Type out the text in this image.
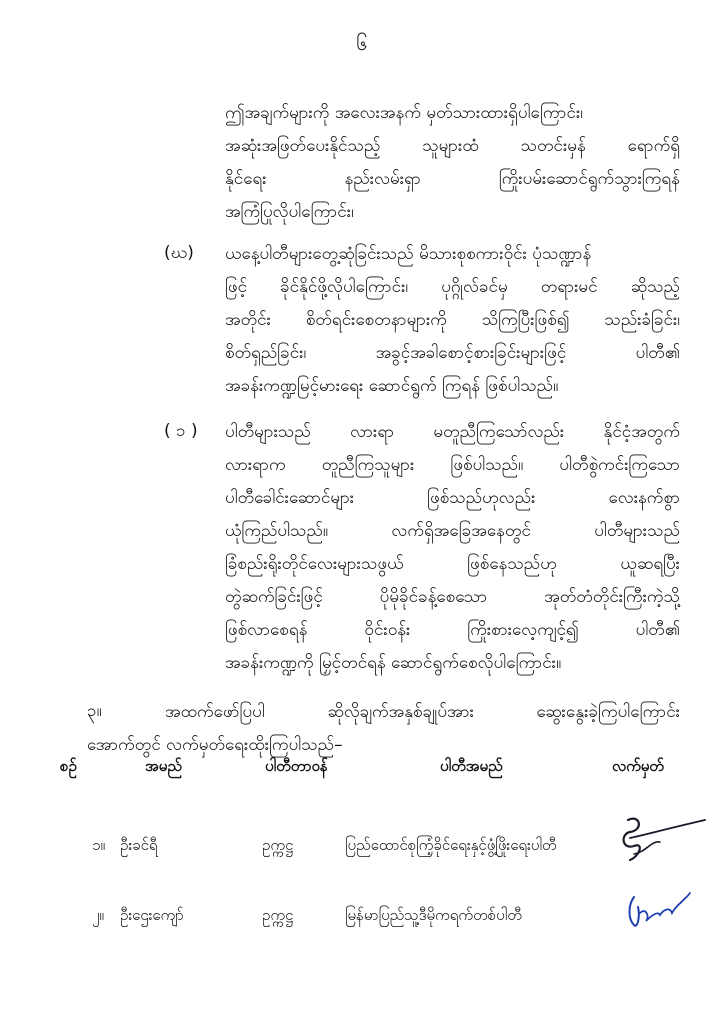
၆
ဤအချက်များကို အလေးအနက် မှတ်သားထားရှိပါကြောင်း၊
အဆုံးအဖြတ်ပေးနိုင်သည့် သူများထံ သတင်းမှန် ရောက်ရှိ
နိုင်ရေး နည်းလမ်းရှာ ကြိုးပမ်းဆောင်ရွက်သွားကြရန်
အကြံပြုလိုပါကြောင်း၊
(ဃ) ယနေ့ပါတီများတွေ့ဆုံခြင်းသည် မိသားစုစကားဝိုင်း ပုံသဏ္ဍာန်
ဖြင့် ခိုင်နိုင်ဖို့လိုပါကြောင်း၊ ပုဂ္ဂိုလ်ခင်မှ တရားမင် ဆိုသည့်
အတိုင်း စိတ်ရင်းစေတနာများကို သိကြပြီးဖြစ်၍ သည်းခံခြင်း၊
စိတ်ရှည်ခြင်း၊ အခွင့်အခါစောင့်စားခြင်းများဖြင့် ပါတီ၏
အခန်းကဏ္ဍမြင့်မားရေး ဆောင်ရွက် ကြရန် ဖြစ်ပါသည်။
( ၁ ) ပါတီများသည် လားရာ မတူညီကြသော်လည်း နိုင်ငံ့အတွက်
လားရာက တူညီကြသူများ ဖြစ်ပါသည်။ ပါတီစွဲကင်းကြသော
ပါတီခေါင်းဆောင်များ ဖြစ်သည်ဟုလည်း လေးနက်စွာ
ယုံကြည်ပါသည်။ လက်ရှိအခြေအနေတွင် ပါတီများသည်
ခြံစည်းရိုးတိုင်လေးများသဖွယ် ဖြစ်နေသည်ဟု ယူဆရပြီး
တွဲဆက်ခြင်းဖြင့် ပိုမိုခိုင်ခန့်စေသော အုတ်တံတိုင်းကြီးကဲ့သို့
ဖြစ်လာစေရန် ဝိုင်းဝန်း ကြိုးစားလေ့ကျင့်၍ ပါတီ၏
အခန်းကဏ္ဍကို မြှင့်တင်ရန် ဆောင်ရွက်စေလိုပါကြောင်း။
၃။	အထက်ဖော်ပြပါ ဆိုလိုချက်အနှစ်ချုပ်အား ဆွေးနွေးခဲ့ကြပါကြောင်း
အောက်တွင် လက်မှတ်ရေးထိုးကြပါသည်–
စဉ်	အမည်	ပါတီတာဝန်	ပါတီအမည်	လက်မှတ်
၁။ ဦးခင်ရီ	ဥက္ကဋ္ဌ	ပြည်ထောင်စုကြံ့ခိုင်ရေးနှင့်ဖွံ့ဖြိုးရေးပါတီ
၂။ ဦးဌေးကျော်	ဥက္ကဋ္ဌ	မြန်မာပြည်သူ့ဒီမိုကရက်တစ်ပါတီ
